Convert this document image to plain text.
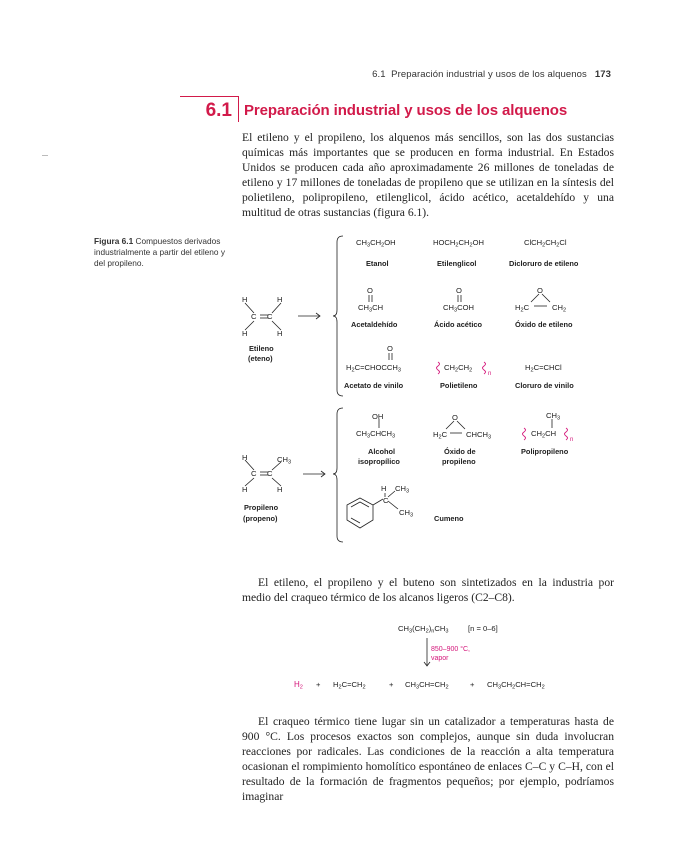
6.1 Preparación industrial y usos de los alquenos 173
6.1 Preparación industrial y usos de los alquenos

El etileno y el propileno, los alquenos más sencillos, son las dos sustancias químicas más importantes que se producen en forma industrial. En Estados Unidos se producen cada año aproximadamente 26 millones de toneladas de etileno y 17 millones de toneladas de propileno que se utilizan en la síntesis del polietileno, polipropileno, etilenglicol, ácido acético, acetaldehído y una multitud de otras sustancias (figura 6.1).

Figura 6.1 Compuestos derivados industrialmente a partir del etileno y del propileno.
H	H
C C
H	H
Etileno
(eteno)
H	CH3
C C
H	H
Propileno
(propeno)
CH3CH2OH
Etanol
HOCH2CH2OH
Etilenglicol
ClCH2CH2Cl
Dicloruro de etileno
O
CH3CH
Acetaldehído
O
CH3COH
Ácido acético
O
H2C	CH2
Óxido de etileno
O
H2C=CHOCCH3
Acetato de vinilo
CH2CH2
n
Polietileno
H2C=CHCl
Cloruro de vinilo
OH
CH3CHCH3
Alcohol
isopropílico
O
H2C CHCH3
Óxido de
propileno
CH3
CH2CH
n
Polipropileno
H CH3
C
CH3	Cumeno
CH3(CH2)nCH3	[n = 0–6]
850–900 °C,
vapor
H2 + H2C=CH2	+ CH3CH=CH2	+ CH3CH2CH=CH2

El etileno, el propileno y el buteno son sintetizados en la industria por medio del craqueo térmico de los alcanos ligeros (C2–C8).

El craqueo térmico tiene lugar sin un catalizador a temperaturas hasta de 900 °C. Los procesos exactos son complejos, aunque sin duda involucran reacciones por radicales. Las condiciones de la reacción a alta temperatura ocasionan el rompimiento homolítico espontáneo de enlaces C–C y C–H, con el resultado de la formación de fragmentos pequeños; por ejemplo, podríamos imaginar
